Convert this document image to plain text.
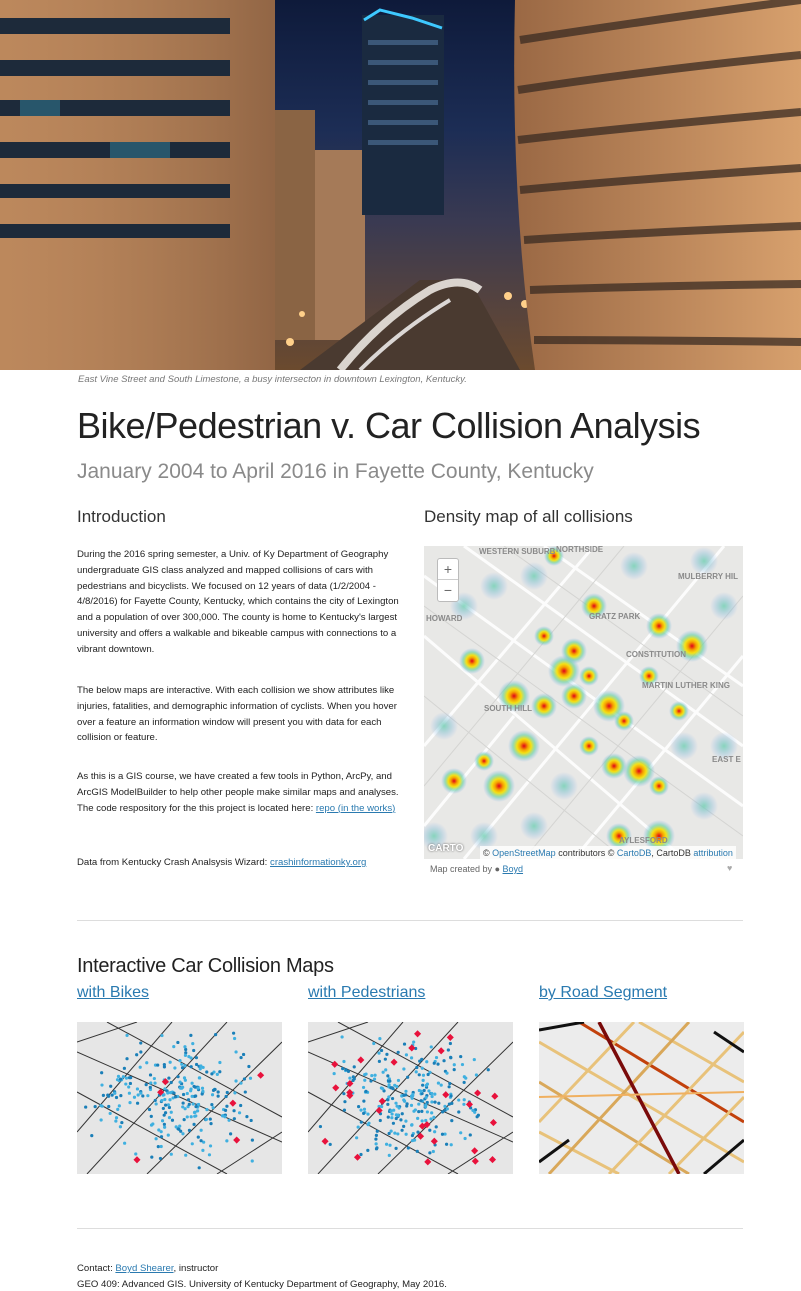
East Vine Street and South Limestone, a busy intersecton in downtown Lexington, Kentucky.
Bike/Pedestrian v. Car Collision Analysis
January 2004 to April 2016 in Fayette County, Kentucky
Introduction
During the 2016 spring semester, a Univ. of Ky Department of Geography undergraduate GIS class analyzed and mapped collisions of cars with pedestrians and bicyclists. We focused on 12 years of data (1/2/2004 - 4/8/2016) for Fayette County, Kentucky, which contains the city of Lexington and a population of over 300,000. The county is home to Kentucky's largest university and offers a walkable and bikeable campus with connections to a vibrant downtown.
The below maps are interactive. With each collision we show attributes like injuries, fatalities, and demographic information of cyclists. When you hover over a feature an information window will present you with data for each collision or feature.
As this is a GIS course, we have created a few tools in Python, ArcPy, and ArcGIS ModelBuilder to help other people make similar maps and analyses. The code respository for the this project is located here: repo (in the works)
Data from Kentucky Crash Analsysis Wizard: crashinformationky.org
Density map of all collisions
WESTERN SUBURB NORTHSIDE
MULBERRY HIL
GRATZ PARK
CONSTITUTION
MARTIN LUTHER KING
SOUTH HILL
EAST E
AYLESFORD
HOWARD
+
−
CARTO	© OpenStreetMap contributors © CartoDB, CartoDB attribution
Map created by ● Boyd	♥
Interactive Car Collision Maps
with Bikes	with Pedestrians	by Road Segment
Contact: Boyd Shearer, instructor
GEO 409: Advanced GIS. University of Kentucky Department of Geography, May 2016.
